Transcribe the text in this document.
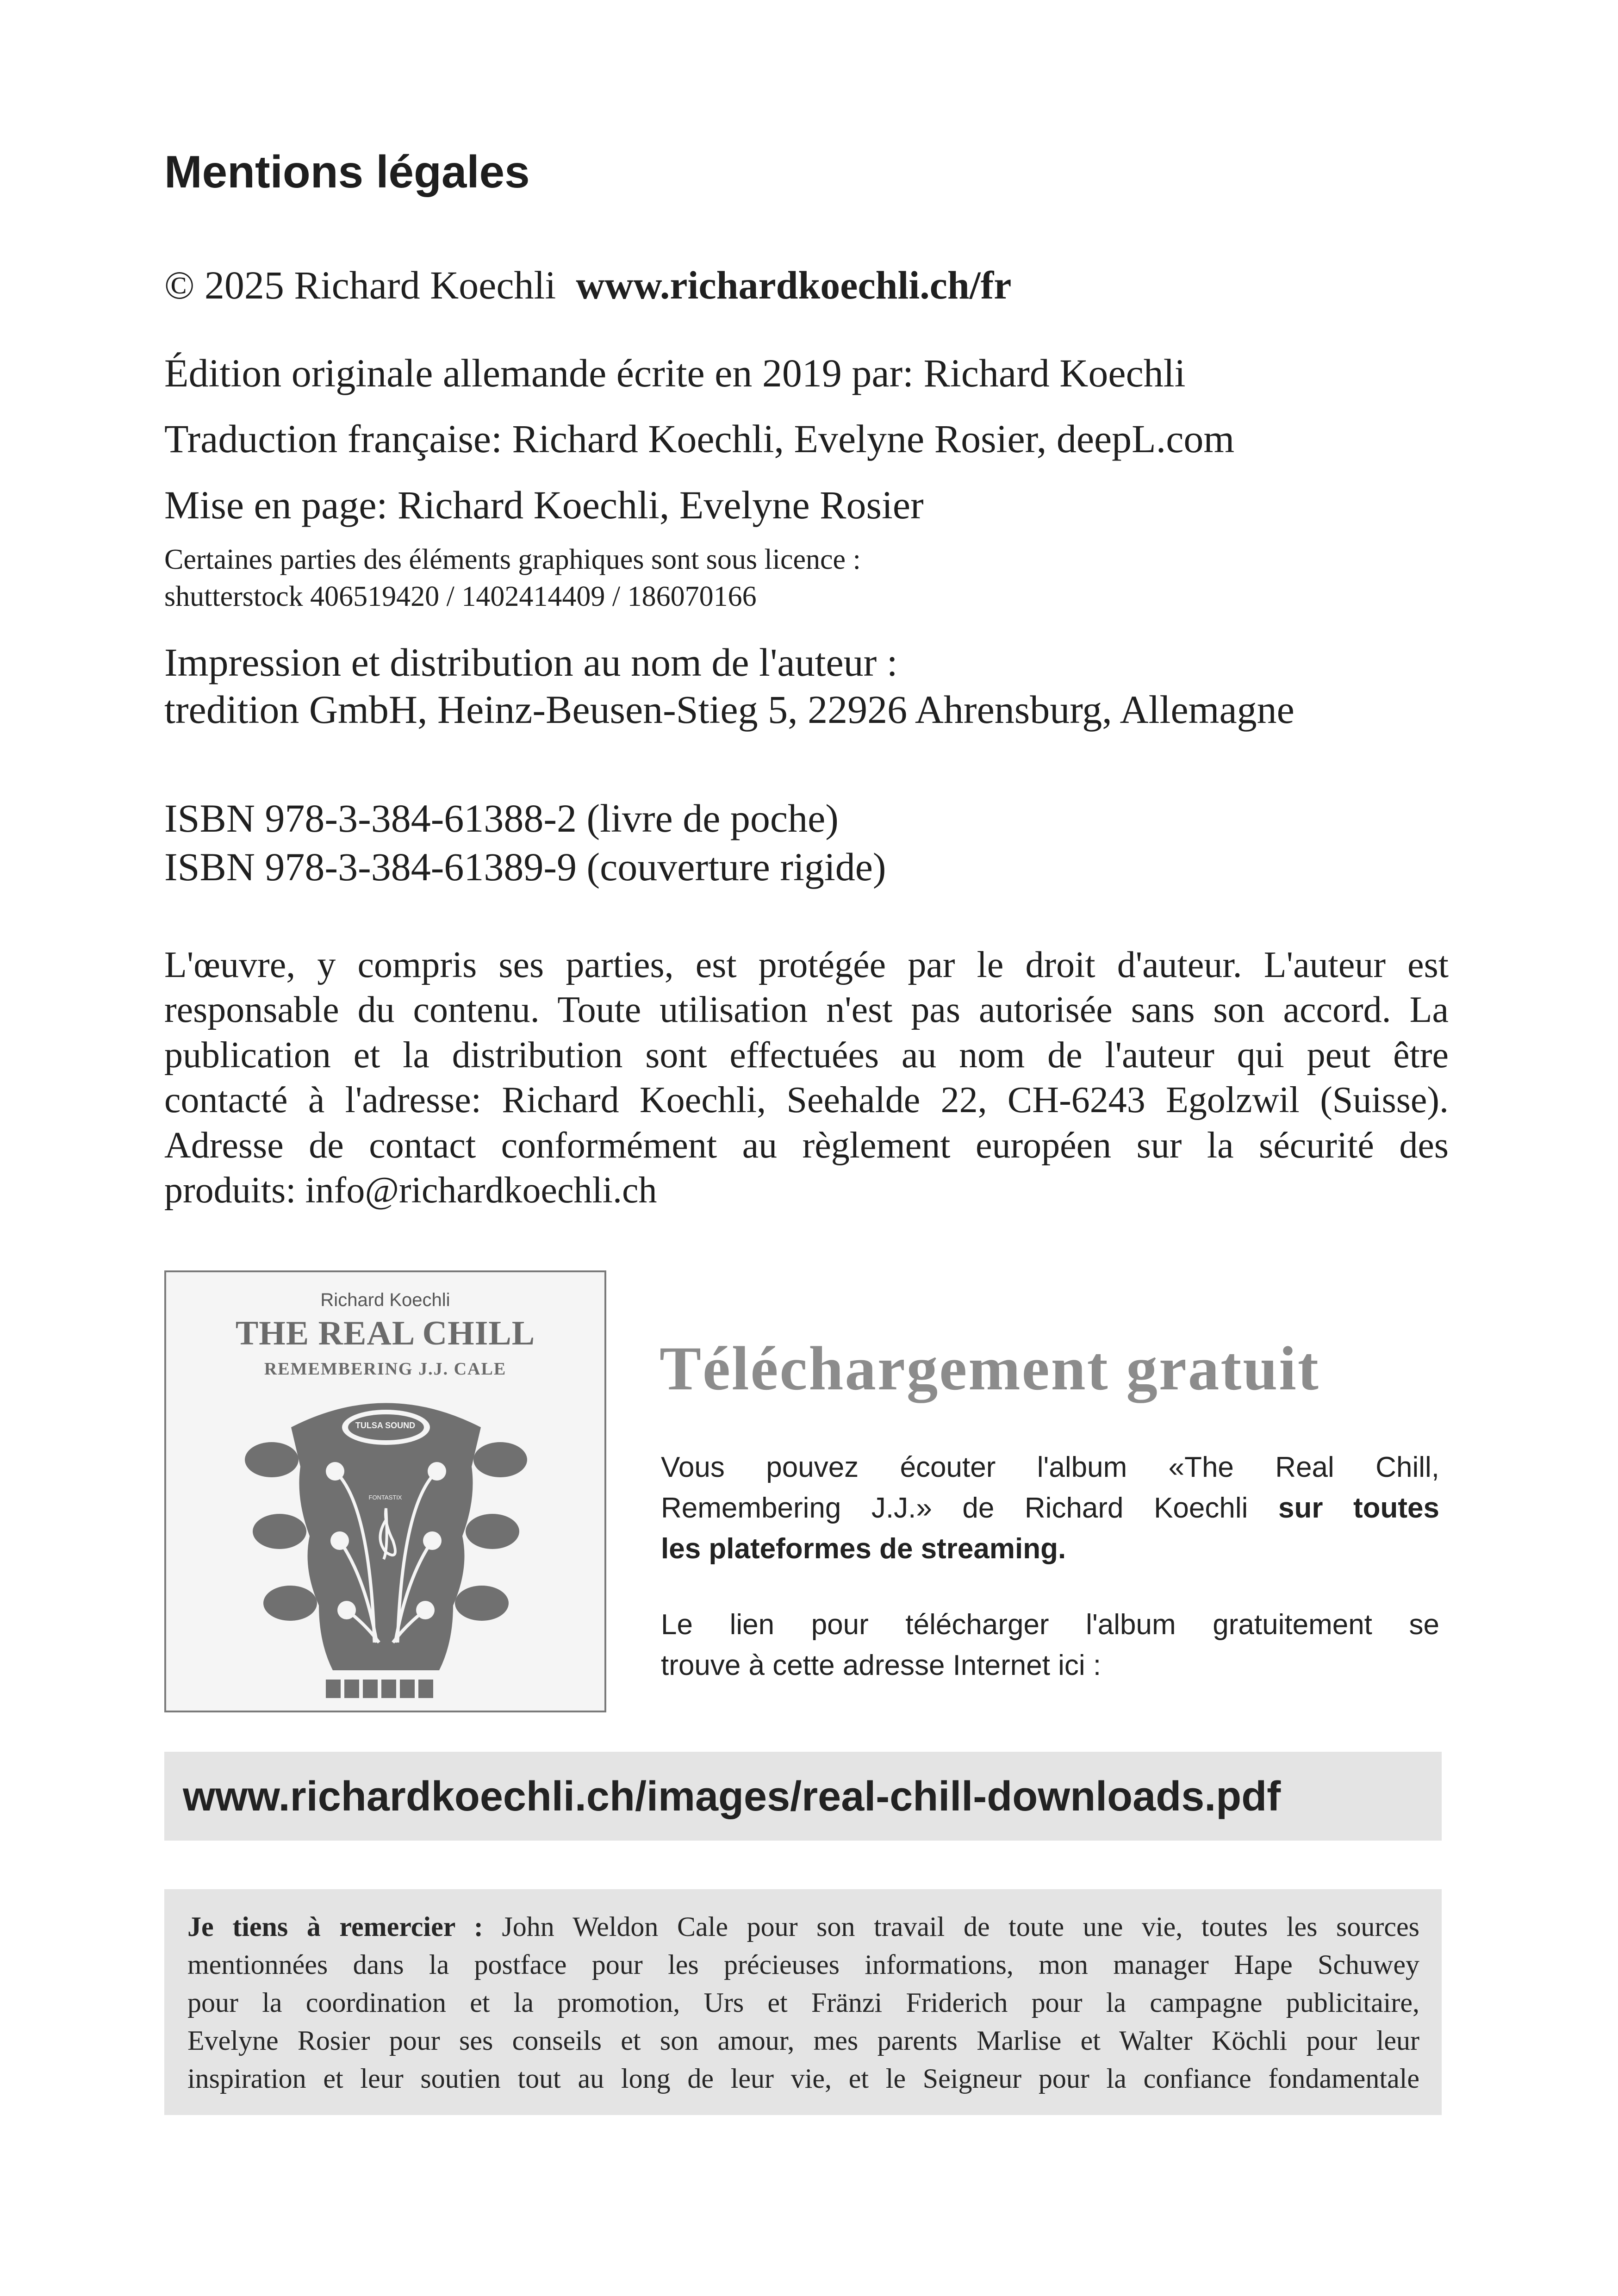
Mentions légales
© 2025 Richard Koechli www.richardkoechli.ch/fr
Édition originale allemande écrite en 2019 par: Richard Koechli
Traduction française: Richard Koechli, Evelyne Rosier, deepL.com
Mise en page: Richard Koechli, Evelyne Rosier
Certaines parties des éléments graphiques sont sous licence :
shutterstock 406519420 / 1402414409 / 186070166
Impression et distribution au nom de l'auteur :
tredition GmbH, Heinz-Beusen-Stieg 5, 22926 Ahrensburg, Allemagne
ISBN 978-3-384-61388-2 (livre de poche)
ISBN 978-3-384-61389-9 (couverture rigide)
L'œuvre, y compris ses parties, est protégée par le droit d'auteur. L'auteur est
responsable du contenu. Toute utilisation n'est pas autorisée sans son accord. La
publication et la distribution sont effectuées au nom de l'auteur qui peut être
contacté à l'adresse: Richard Koechli, Seehalde 22, CH-6243 Egolzwil (Suisse).
Adresse de contact conformément au règlement européen sur la sécurité des
produits: info@richardkoechli.ch
Richard Koechli
THE REAL CHILL
REMEMBERING J.J. CALE
TULSA SOUND
FONTASTIX
Téléchargement gratuit
Vous pouvez écouter l'album «The Real Chill,
Remembering J.J.» de Richard Koechli sur toutes
les plateformes de streaming.
Le lien pour télécharger l'album gratuitement se
trouve à cette adresse Internet ici :
www.richardkoechli.ch/images/real-chill-downloads.pdf
Je tiens à remercier : John Weldon Cale pour son travail de toute une vie, toutes les sources
mentionnées dans la postface pour les précieuses informations, mon manager Hape Schuwey
pour la coordination et la promotion, Urs et Fränzi Friderich pour la campagne publicitaire,
Evelyne Rosier pour ses conseils et son amour, mes parents Marlise et Walter Köchli pour leur
inspiration et leur soutien tout au long de leur vie, et le Seigneur pour la confiance fondamentale
